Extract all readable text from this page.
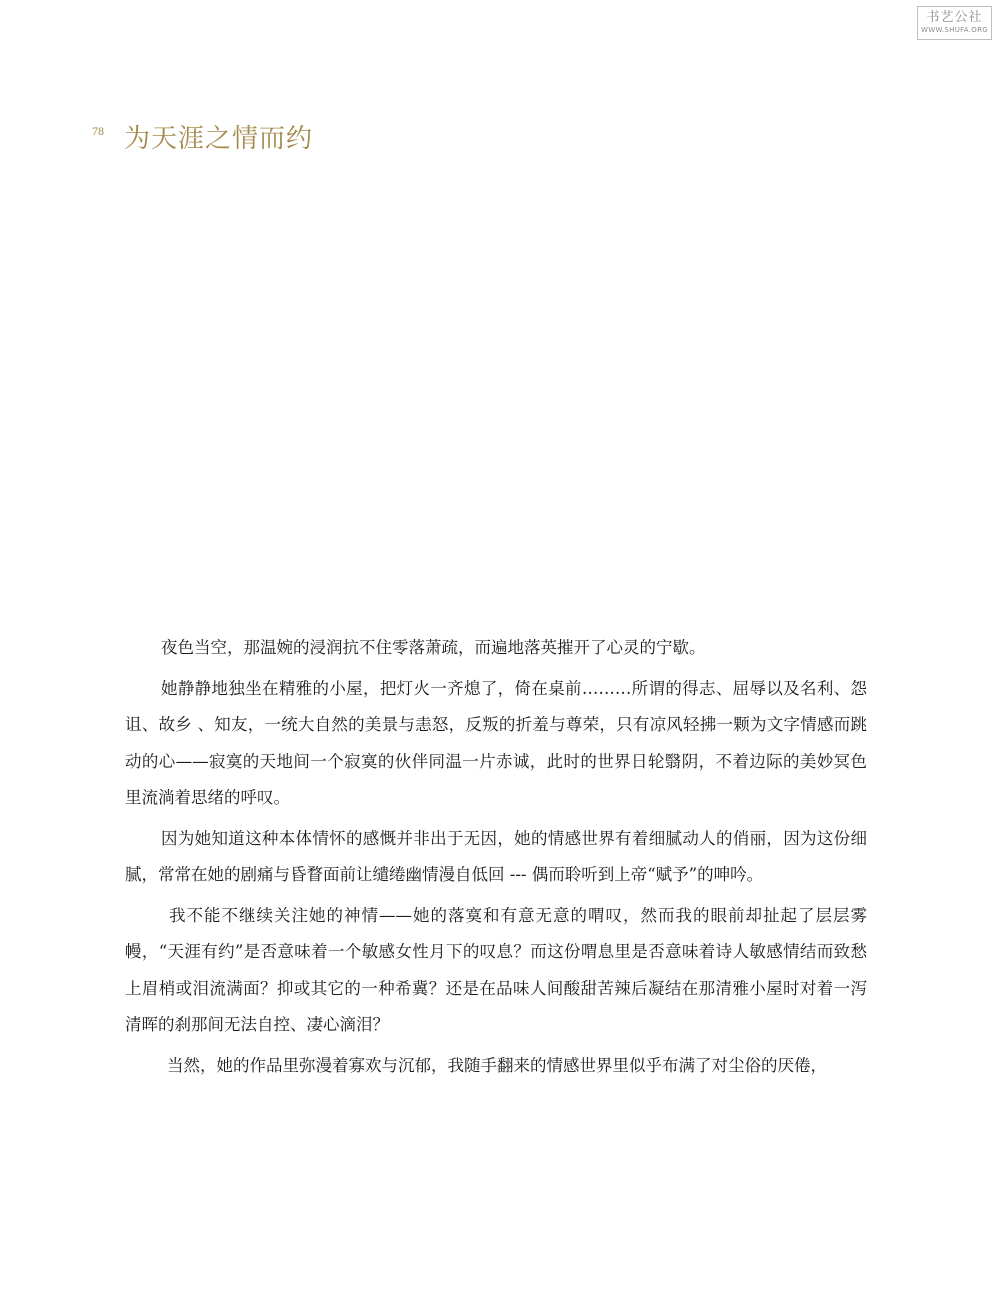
书艺公社
WWW.SHUFA.ORG
78 为天涯之情而约

夜色当空，那温婉的浸润抗不住零落萧疏，而遍地落英摧开了心灵的宁歇。

她静静地独坐在精雅的小屋，把灯火一齐熄了，倚在桌前………所谓的得志、屈辱以及名利、怨诅、故乡 、知友，一统大自然的美景与恚怒，反叛的折羞与尊荣，只有凉风轻拂一颗为文字情感而跳动的心——寂寞的天地间一个寂寞的伙伴同温一片赤诚，此时的世界日轮翳阴，不着边际的美妙冥色里流淌着思绪的呼叹。

因为她知道这种本体情怀的感慨并非出于无因，她的情感世界有着细腻动人的俏丽，因为这份细腻，常常在她的剧痛与昏瞀面前让缱绻幽情漫自低回 --- 偶而聆听到上帝“赋予”的呻吟。

我不能不继续关注她的神情——她的落寞和有意无意的喟叹，然而我的眼前却扯起了层层雾幔，“天涯有约”是否意味着一个敏感女性月下的叹息？而这份喟息里是否意味着诗人敏感情结而致愁上眉梢或泪流满面？抑或其它的一种希冀？还是在品味人间酸甜苦辣后凝结在那清雅小屋时对着一泻清晖的刹那间无法自控、凄心滴泪？

当然，她的作品里弥漫着寡欢与沉郁，我随手翻来的情感世界里似乎布满了对尘俗的厌倦，
